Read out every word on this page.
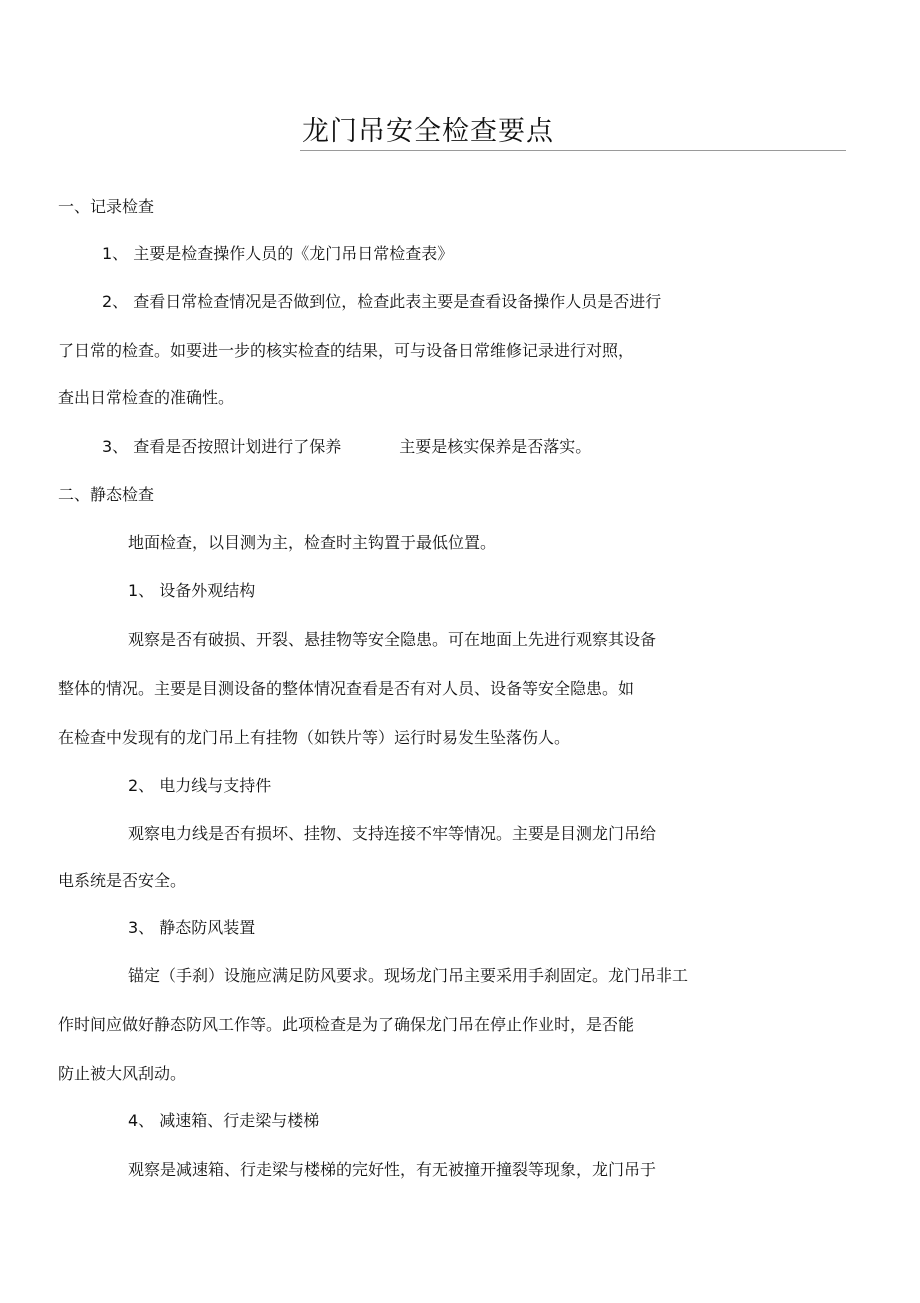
龙门吊安全检查要点
一、记录检查
1、 主要是检查操作人员的《龙门吊日常检查表》
2、 查看日常检查情况是否做到位，检查此表主要是查看设备操作人员是否进行
了日常的检查。如要进一步的核实检查的结果，可与设备日常维修记录进行对照，
查出日常检查的准确性。
3、 查看是否按照计划进行了保养	主要是核实保养是否落实。
二、静态检查
地面检查，以目测为主，检查时主钩置于最低位置。
1、 设备外观结构
观察是否有破损、开裂、悬挂物等安全隐患。可在地面上先进行观察其设备
整体的情况。主要是目测设备的整体情况查看是否有对人员、设备等安全隐患。如
在检查中发现有的龙门吊上有挂物（如铁片等）运行时易发生坠落伤人。
2、 电力线与支持件
观察电力线是否有损坏、挂物、支持连接不牢等情况。主要是目测龙门吊给
电系统是否安全。
3、 静态防风装置
锚定（手刹）设施应满足防风要求。现场龙门吊主要采用手刹固定。龙门吊非工
作时间应做好静态防风工作等。此项检查是为了确保龙门吊在停止作业时，是否能
防止被大风刮动。
4、 减速箱、行走梁与楼梯
观察是减速箱、行走梁与楼梯的完好性，有无被撞开撞裂等现象，龙门吊于
